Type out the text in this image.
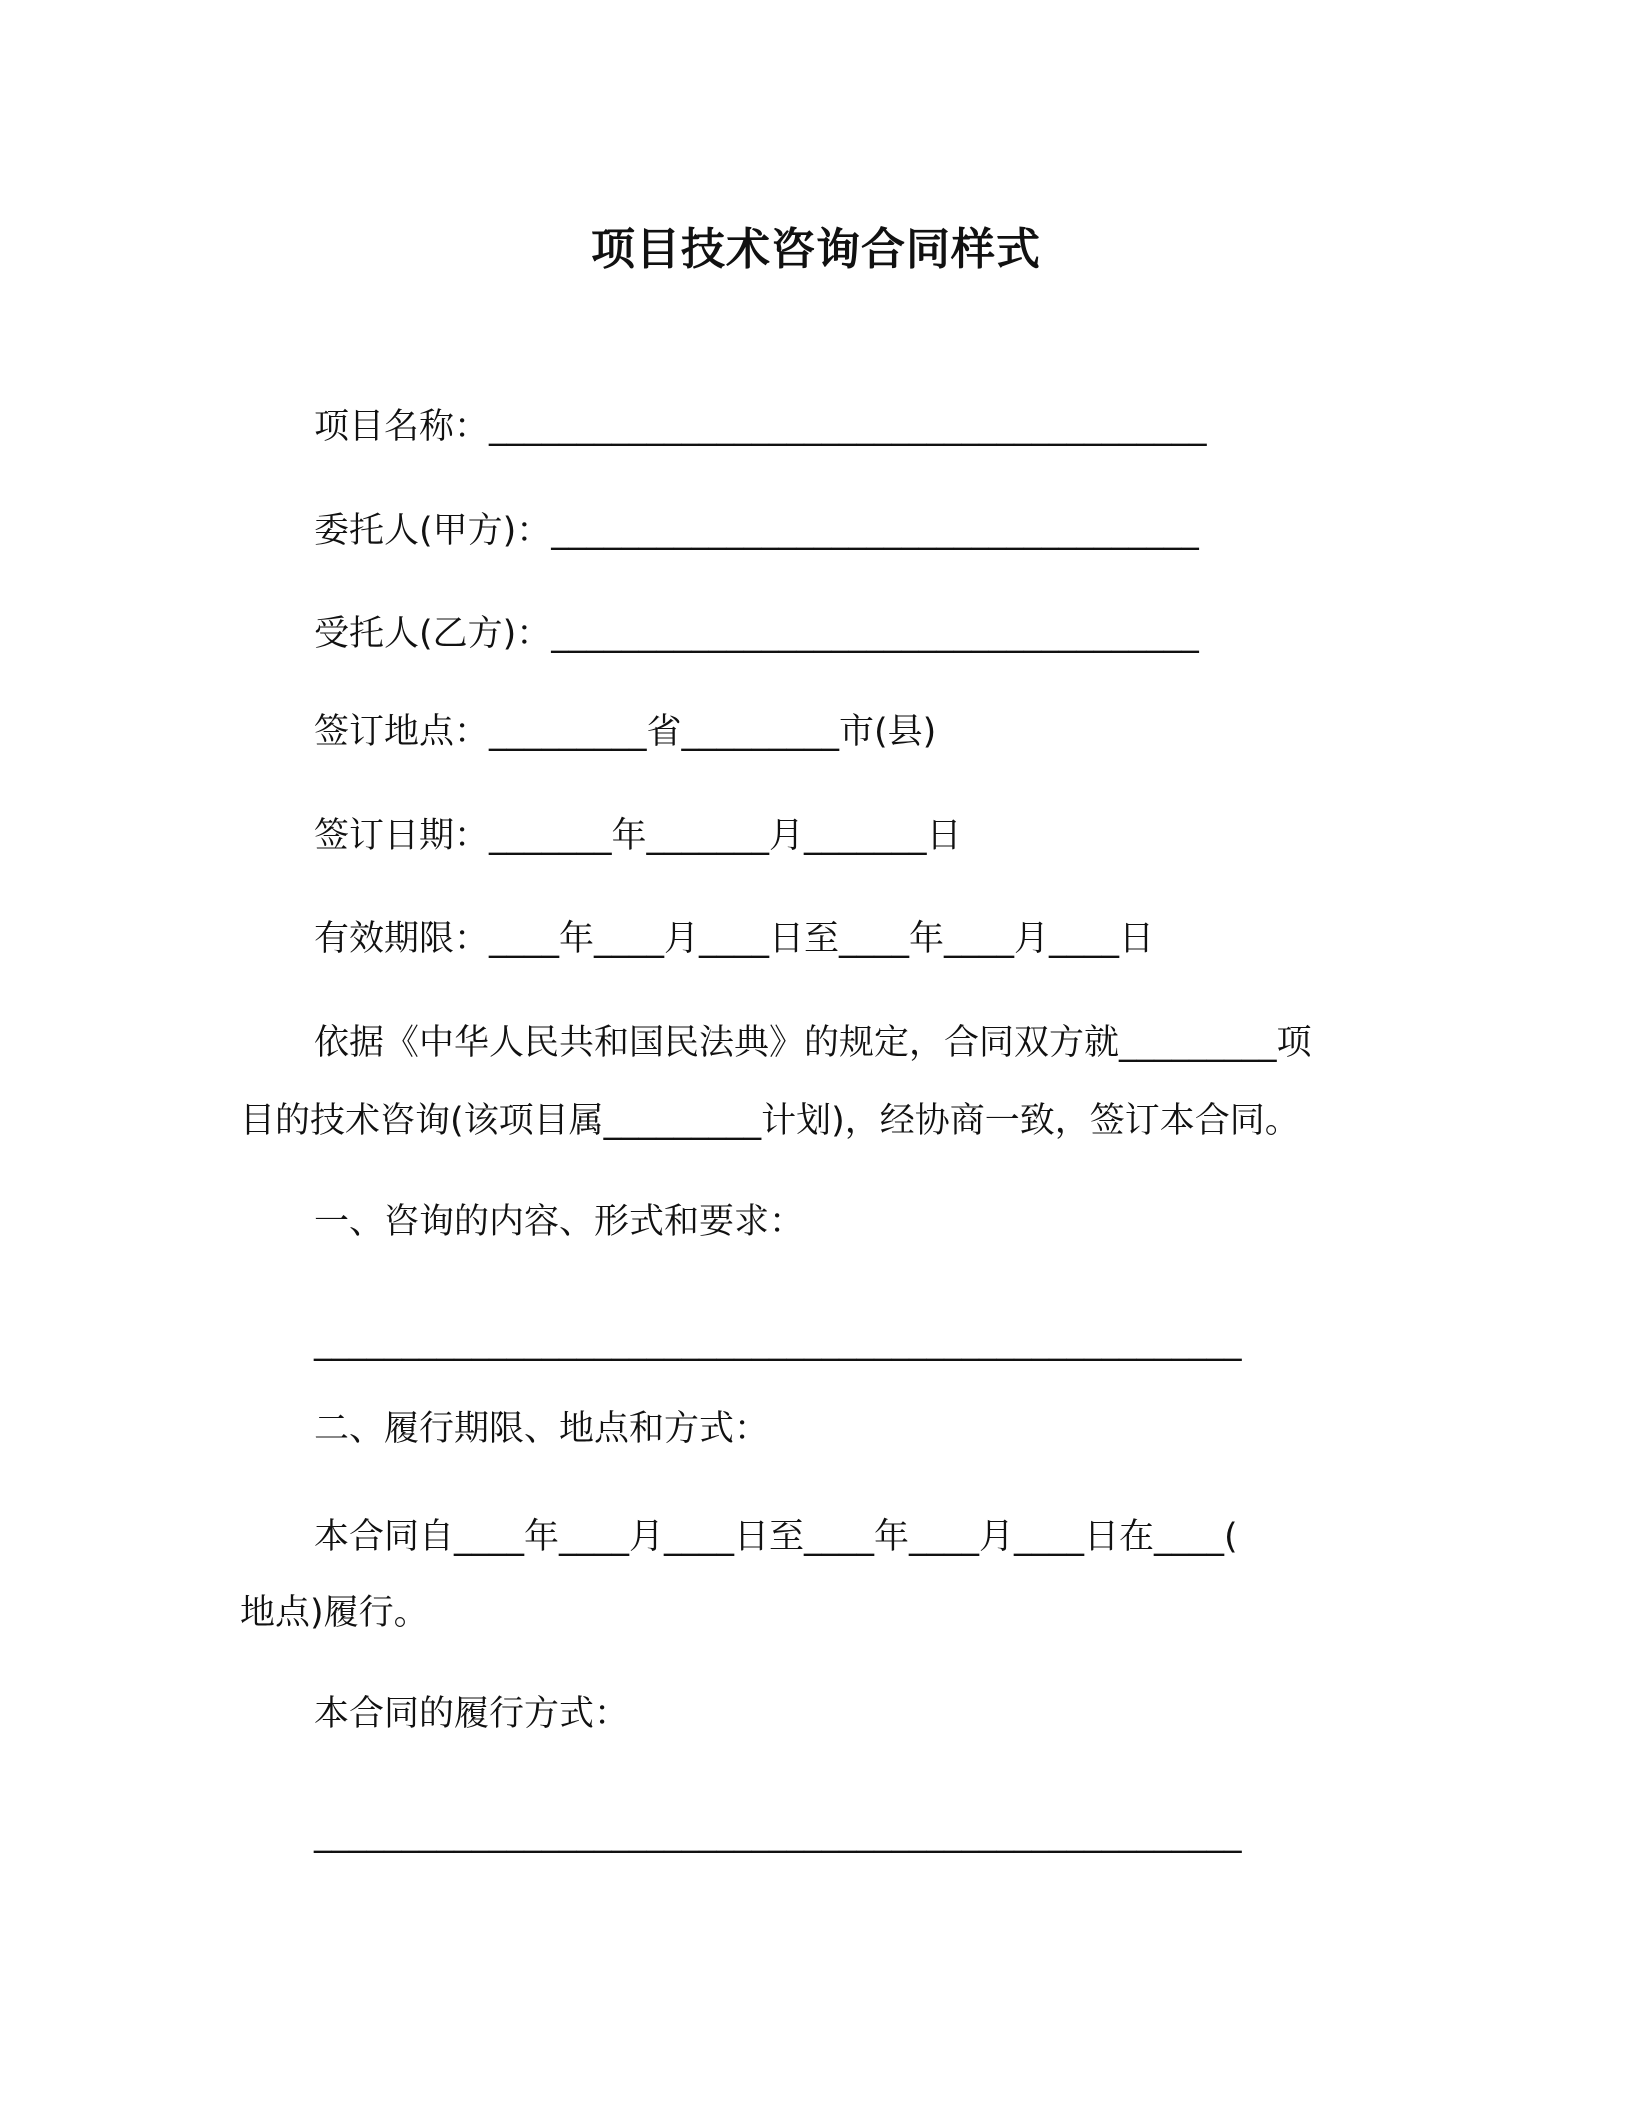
项目技术咨询合同样式

项目名称：_________________________________________

委托人(甲方)：_____________________________________

受托人(乙方)：_____________________________________

签订地点：_________省_________市(县)

签订日期：_______年_______月_______日

有效期限：____年____月____日至____年____月____日

依据《中华人民共和国民法典》的规定，合同双方就_________项

目的技术咨询(该项目属_________计划)，经协商一致，签订本合同。

一、咨询的内容、形式和要求：

_____________________________________________________

二、履行期限、地点和方式：

本合同自____年____月____日至____年____月____日在____(

地点)履行。

本合同的履行方式：

_____________________________________________________
